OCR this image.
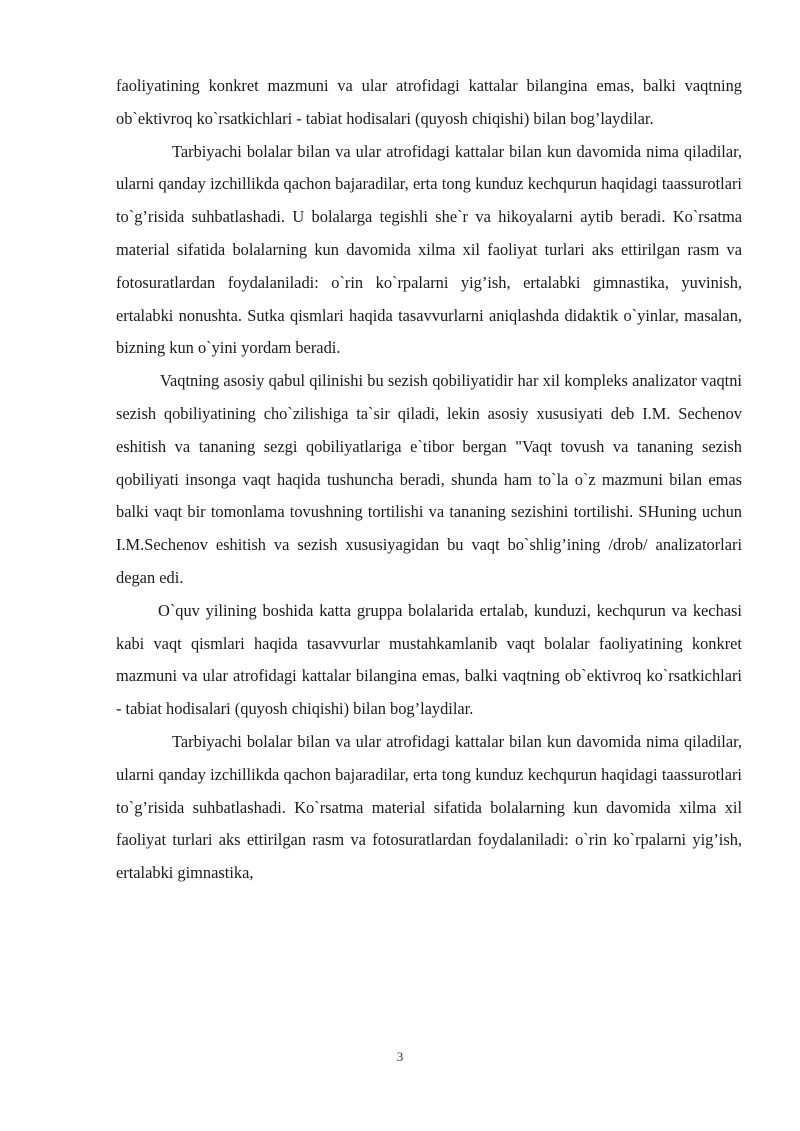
faoliyatining konkret mazmuni va ular atrofidagi kattalar bilangina emas, balki vaqtning ob`ektivroq ko`rsatkichlari - tabiat hodisalari (quyosh chiqishi) bilan bog’laydilar.

Tarbiyachi bolalar bilan va ular atrofidagi kattalar bilan kun davomida nima qiladilar, ularni qanday izchillikda qachon bajaradilar, erta tong kunduz kechqurun haqidagi taassurotlari to`g’risida suhbatlashadi. U bolalarga tegishli she`r va hikoyalarni aytib beradi. Ko`rsatma material sifatida bolalarning kun davomida xilma xil faoliyat turlari aks ettirilgan rasm va fotosuratlardan foydalaniladi: o`rin ko`rpalarni yig’ish, ertalabki gimnastika, yuvinish, ertalabki nonushta. Sutka qismlari haqida tasavvurlarni aniqlashda didaktik o`yinlar, masalan, bizning kun o`yini yordam beradi.

Vaqtning asosiy qabul qilinishi bu sezish qobiliyatidir har xil kompleks analizator vaqtni sezish qobiliyatining cho`zilishiga ta`sir qiladi, lekin asosiy xususiyati deb I.M. Sechenov eshitish va tananing sezgi qobiliyatlariga e`tibor bergan "Vaqt tovush va tananing sezish qobiliyati insonga vaqt haqida tushuncha beradi, shunda ham to`la o`z mazmuni bilan emas balki vaqt bir tomonlama tovushning tortilishi va tananing sezishini tortilishi. SHuning uchun I.M.Sechenov eshitish va sezish xususiyagidan bu vaqt bo`shlig’ining /drob/ analizatorlari degan edi.

O`quv yilining boshida katta gruppa bolalarida ertalab, kunduzi, kechqurun va kechasi kabi vaqt qismlari haqida tasavvurlar mustahkamlanib vaqt bolalar faoliyatining konkret mazmuni va ular atrofidagi kattalar bilangina emas, balki vaqtning ob`ektivroq ko`rsatkichlari - tabiat hodisalari (quyosh chiqishi) bilan bog’laydilar.

Tarbiyachi bolalar bilan va ular atrofidagi kattalar bilan kun davomida nima qiladilar, ularni qanday izchillikda qachon bajaradilar, erta tong kunduz kechqurun haqidagi taassurotlari to`g’risida suhbatlashadi. Ko`rsatma material sifatida bolalarning kun davomida xilma xil faoliyat turlari aks ettirilgan rasm va fotosuratlardan foydalaniladi: o`rin ko`rpalarni yig’ish, ertalabki gimnastika,

3
